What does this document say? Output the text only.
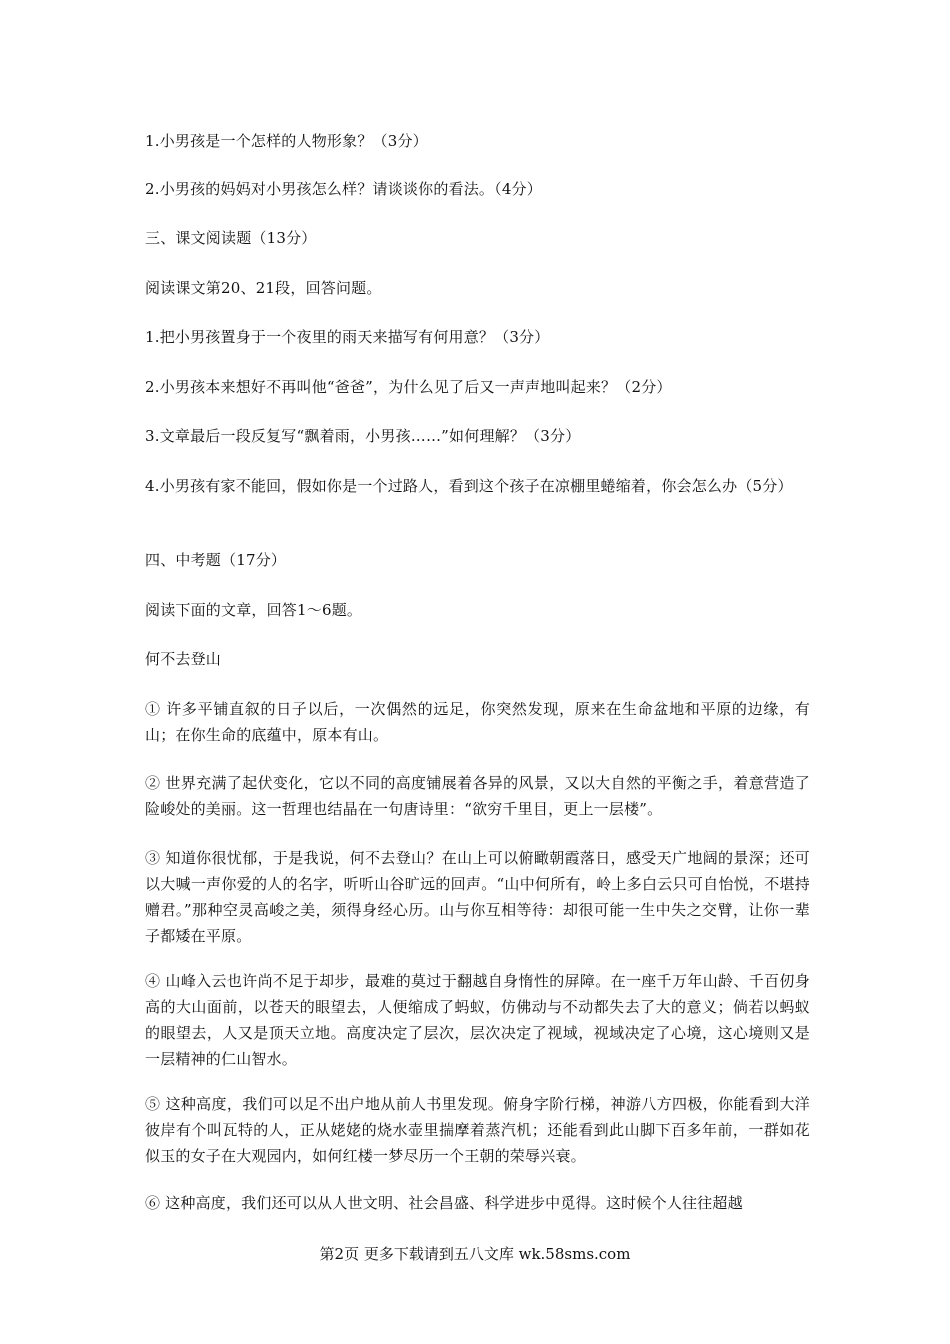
1.小男孩是一个怎样的人物形象？（3分）

2.小男孩的妈妈对小男孩怎么样？请谈谈你的看法。（4分）

三、课文阅读题（13分）

阅读课文第20、21段，回答问题。

1.把小男孩置身于一个夜里的雨天来描写有何用意？（3分）

2.小男孩本来想好不再叫他“爸爸”，为什么见了后又一声声地叫起来？（2分）

3.文章最后一段反复写“飘着雨，小男孩……”如何理解？（3分）

4.小男孩有家不能回，假如你是一个过路人，看到这个孩子在凉棚里蜷缩着，你会怎么办（5分）

四、中考题（17分）

阅读下面的文章，回答1～6题。

何不去登山

① 许多平铺直叙的日子以后，一次偶然的远足，你突然发现，原来在生命盆地和平原的边缘，有山；在你生命的底蕴中，原本有山。

② 世界充满了起伏变化，它以不同的高度铺展着各异的风景，又以大自然的平衡之手，着意营造了险峻处的美丽。这一哲理也结晶在一句唐诗里：“欲穷千里目，更上一层楼”。

③ 知道你很忧郁，于是我说，何不去登山？在山上可以俯瞰朝霞落日，感受天广地阔的景深；还可以大喊一声你爱的人的名字，听听山谷旷远的回声。“山中何所有，岭上多白云只可自怡悦，不堪持赠君。”那种空灵高峻之美，须得身经心历。山与你互相等待：却很可能一生中失之交臂，让你一辈子都矮在平原。

④ 山峰入云也许尚不足于却步，最难的莫过于翻越自身惰性的屏障。在一座千万年山龄、千百仞身高的大山面前，以苍天的眼望去，人便缩成了蚂蚁，仿佛动与不动都失去了大的意义；倘若以蚂蚁的眼望去，人又是顶天立地。高度决定了层次，层次决定了视域，视域决定了心境，这心境则又是一层精神的仁山智水。

⑤ 这种高度，我们可以足不出户地从前人书里发现。俯身字阶行梯，神游八方四极，你能看到大洋彼岸有个叫瓦特的人，正从姥姥的烧水壶里揣摩着蒸汽机；还能看到此山脚下百多年前，一群如花似玉的女子在大观园内，如何红楼一梦尽历一个王朝的荣辱兴衰。

⑥ 这种高度，我们还可以从人世文明、社会昌盛、科学进步中觅得。这时候个人往往超越

第2页 更多下载请到五八文库 wk.58sms.com
